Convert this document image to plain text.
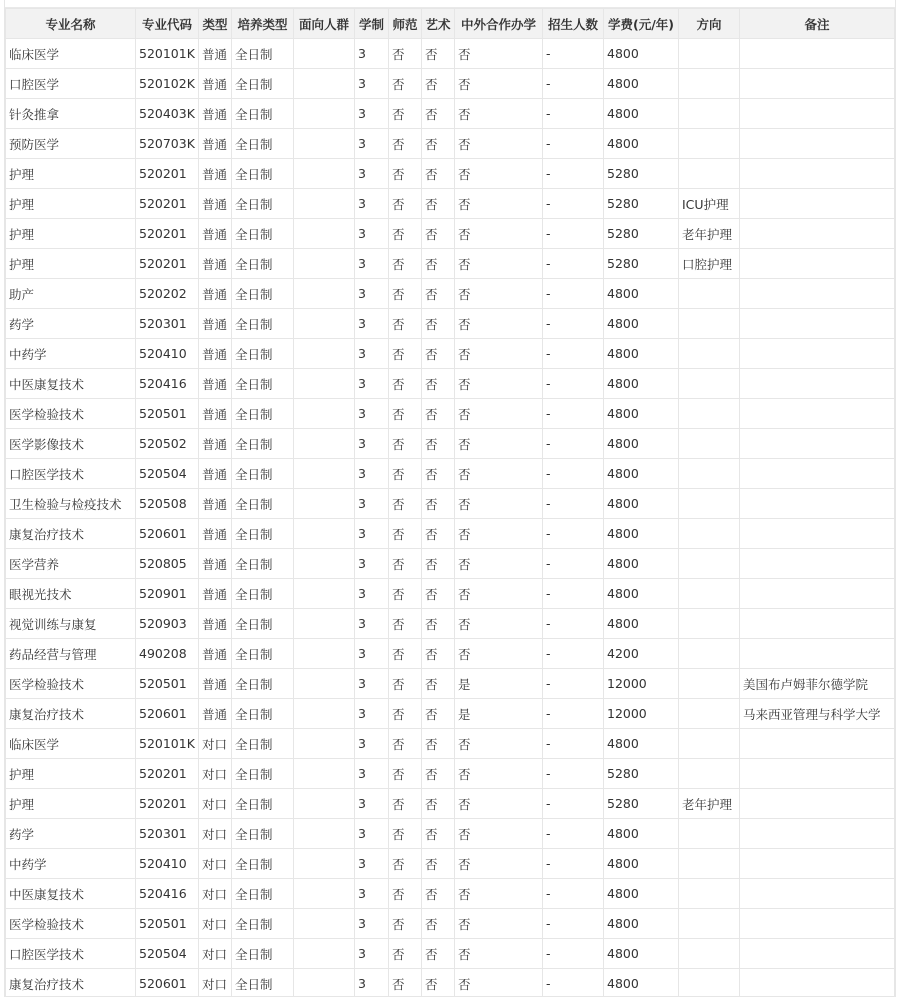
专业名称	专业代码	类型	培养类型	面向人群	学制	师范	艺术	中外合作办学	招生人数	学费(元/年)	方向	备注
临床医学	520101K	普通	全日制		3	否	否	否	-	4800		
口腔医学	520102K	普通	全日制		3	否	否	否	-	4800		
针灸推拿	520403K	普通	全日制		3	否	否	否	-	4800		
预防医学	520703K	普通	全日制		3	否	否	否	-	4800		
护理	520201	普通	全日制		3	否	否	否	-	5280		
护理	520201	普通	全日制		3	否	否	否	-	5280	ICU护理	
护理	520201	普通	全日制		3	否	否	否	-	5280	老年护理	
护理	520201	普通	全日制		3	否	否	否	-	5280	口腔护理	
助产	520202	普通	全日制		3	否	否	否	-	4800		
药学	520301	普通	全日制		3	否	否	否	-	4800		
中药学	520410	普通	全日制		3	否	否	否	-	4800		
中医康复技术	520416	普通	全日制		3	否	否	否	-	4800		
医学检验技术	520501	普通	全日制		3	否	否	否	-	4800		
医学影像技术	520502	普通	全日制		3	否	否	否	-	4800		
口腔医学技术	520504	普通	全日制		3	否	否	否	-	4800		
卫生检验与检疫技术	520508	普通	全日制		3	否	否	否	-	4800		
康复治疗技术	520601	普通	全日制		3	否	否	否	-	4800		
医学营养	520805	普通	全日制		3	否	否	否	-	4800		
眼视光技术	520901	普通	全日制		3	否	否	否	-	4800		
视觉训练与康复	520903	普通	全日制		3	否	否	否	-	4800		
药品经营与管理	490208	普通	全日制		3	否	否	否	-	4200		
医学检验技术	520501	普通	全日制		3	否	否	是	-	12000		美国布卢姆菲尔德学院
康复治疗技术	520601	普通	全日制		3	否	否	是	-	12000		马来西亚管理与科学大学
临床医学	520101K	对口	全日制		3	否	否	否	-	4800		
护理	520201	对口	全日制		3	否	否	否	-	5280		
护理	520201	对口	全日制		3	否	否	否	-	5280	老年护理	
药学	520301	对口	全日制		3	否	否	否	-	4800		
中药学	520410	对口	全日制		3	否	否	否	-	4800		
中医康复技术	520416	对口	全日制		3	否	否	否	-	4800		
医学检验技术	520501	对口	全日制		3	否	否	否	-	4800		
口腔医学技术	520504	对口	全日制		3	否	否	否	-	4800		
康复治疗技术	520601	对口	全日制		3	否	否	否	-	4800		
